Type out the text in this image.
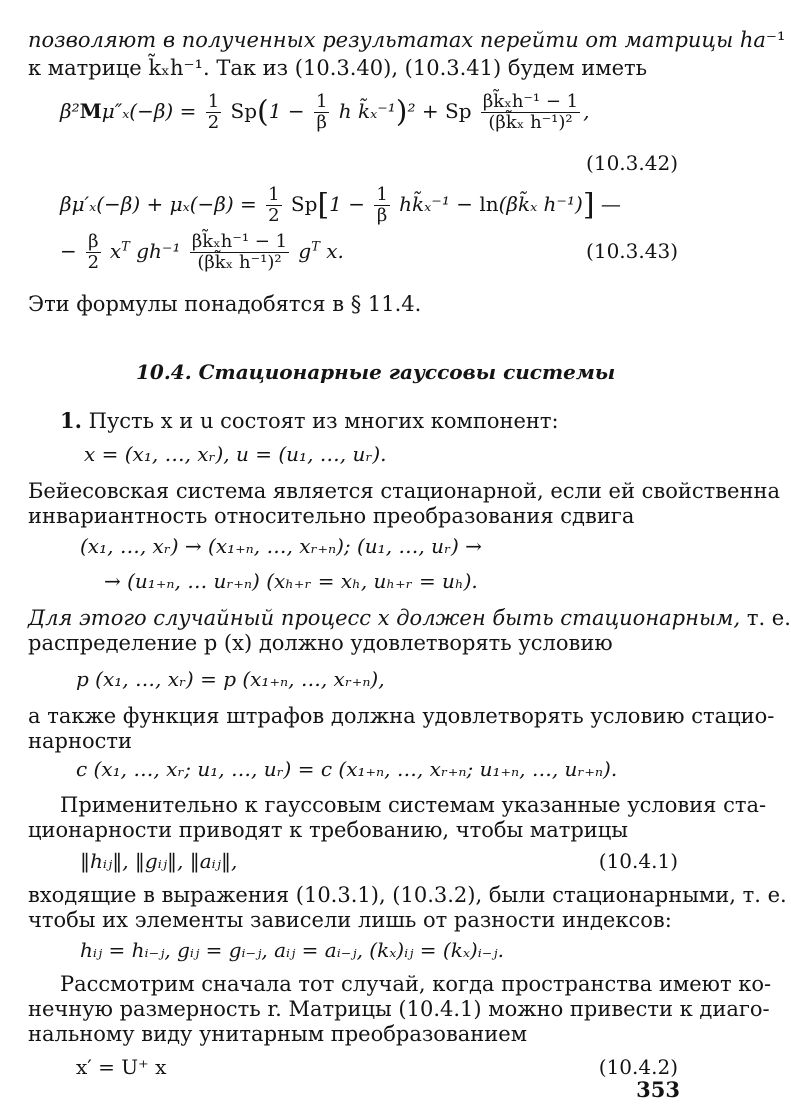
позволяют в полученных результатах перейти от матрицы ha⁻¹
к матрице k̃ₓh⁻¹. Так из (10.3.40), (10.3.41) будем иметь
$\beta^2M\mu''_x(-\beta) = \frac{1}{2} Sp(1 - \frac{1}{\beta}$ h k̃ₓ⁻¹)² + Sp $\frac{\text{βk̃ₓh⁻¹ − 1}}{\text{(βk̃ₓ h⁻¹)²}}$ ,
(10.3.42)
$\beta\mu'_x(-\beta) + \mu_x(-\beta) = \frac{1}{2} Sp[1 - \frac{1}{\beta}$ hk̃ₓ⁻¹ − ln(βk̃ₓ h⁻¹)] —
− $\frac{\beta}{2} x^T$ $gh^{-1} \frac{\text{βk̃ₓh⁻¹ − 1}}{\text{(βk̃ₓ h⁻¹)²}} g^T$ x.	(10.3.43)
Эти формулы понадобятся в § 11.4.
10.4. Стационарные гауссовы системы
1. Пусть x и u состоят из многих компонент:
x = (x₁, …, xᵣ), u = (u₁, …, uᵣ).
Бейесовская система является стационарной, если ей свойственна
инвариантность относительно преобразования сдвига
(x₁, …, xᵣ) → (x₁₊ₙ, …, xᵣ₊ₙ); (u₁, …, uᵣ) →
→ (u₁₊ₙ, … uᵣ₊ₙ) (xₕ₊ᵣ = xₕ, uₕ₊ᵣ = uₕ).
Для этого случайный процесс x должен быть стационарным, т. е.
распределение p (x) должно удовлетворять условию
p (x₁, …, xᵣ) = p (x₁₊ₙ, …, xᵣ₊ₙ),
а также функция штрафов должна удовлетворять условию стацио-
нарности
c (x₁, …, xᵣ; u₁, …, uᵣ) = c (x₁₊ₙ, …, xᵣ₊ₙ; u₁₊ₙ, …, uᵣ₊ₙ).
Применительно к гауссовым системам указанные условия ста-
ционарности приводят к требованию, чтобы матрицы
‖hᵢⱼ‖, ‖gᵢⱼ‖, ‖aᵢⱼ‖,	(10.4.1)
входящие в выражения (10.3.1), (10.3.2), были стационарными, т. е.
чтобы их элементы зависели лишь от разности индексов:
hᵢⱼ = hᵢ₋ⱼ, gᵢⱼ = gᵢ₋ⱼ, aᵢⱼ = aᵢ₋ⱼ, (kₓ)ᵢⱼ = (kₓ)ᵢ₋ⱼ.
Рассмотрим сначала тот случай, когда пространства имеют ко-
нечную размерность r. Матрицы (10.4.1) можно привести к диаго-
нальному виду унитарным преобразованием
x′ = U⁺ x	(10.4.2)
353
